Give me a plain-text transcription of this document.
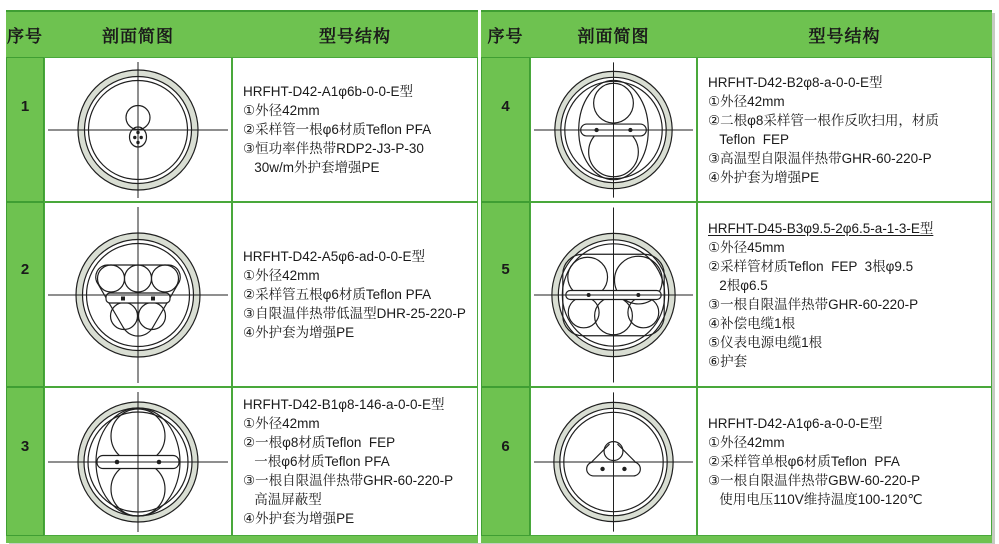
序号	剖面简图	型号结构
1
HRFHT-D42-A1φ6b-0-0-E型
①外径42mm
②采样管一根φ6材质Teflon PFA
③恒功率伴热带RDP2-J3-P-30
30w/m外护套增强PE
2
HRFHT-D42-A5φ6-ad-0-0-E型
①外径42mm
②采样管五根φ6材质Teflon PFA
③自限温伴热带低温型DHR-25-220-P
④外护套为增强PE
3
HRFHT-D42-B1φ8-146-a-0-0-E型
①外径42mm
②一根φ8材质Teflon  FEP
一根φ6材质Teflon PFA
③一根自限温伴热带GHR-60-220-P
高温屏蔽型
④外护套为增强PE
序号	剖面简图	型号结构
4
HRFHT-D42-B2φ8-a-0-0-E型
①外径42mm
②二根φ8采样管一根作反吹扫用，材质
Teflon  FEP
③高温型自限温伴热带GHR-60-220-P
④外护套为增强PE
5
HRFHT-D45-B3φ9.5-2φ6.5-a-1-3-E型
①外径45mm
②采样管材质Teflon  FEP  3根φ9.5
2根φ6.5
③一根自限温伴热带GHR-60-220-P
④补偿电缆1根
⑤仪表电源电缆1根
⑥护套
6
HRFHT-D42-A1φ6-a-0-0-E型
①外径42mm
②采样管单根φ6材质Teflon  PFA
③一根自限温伴热带GBW-60-220-P
使用电压110V维持温度100-120℃
